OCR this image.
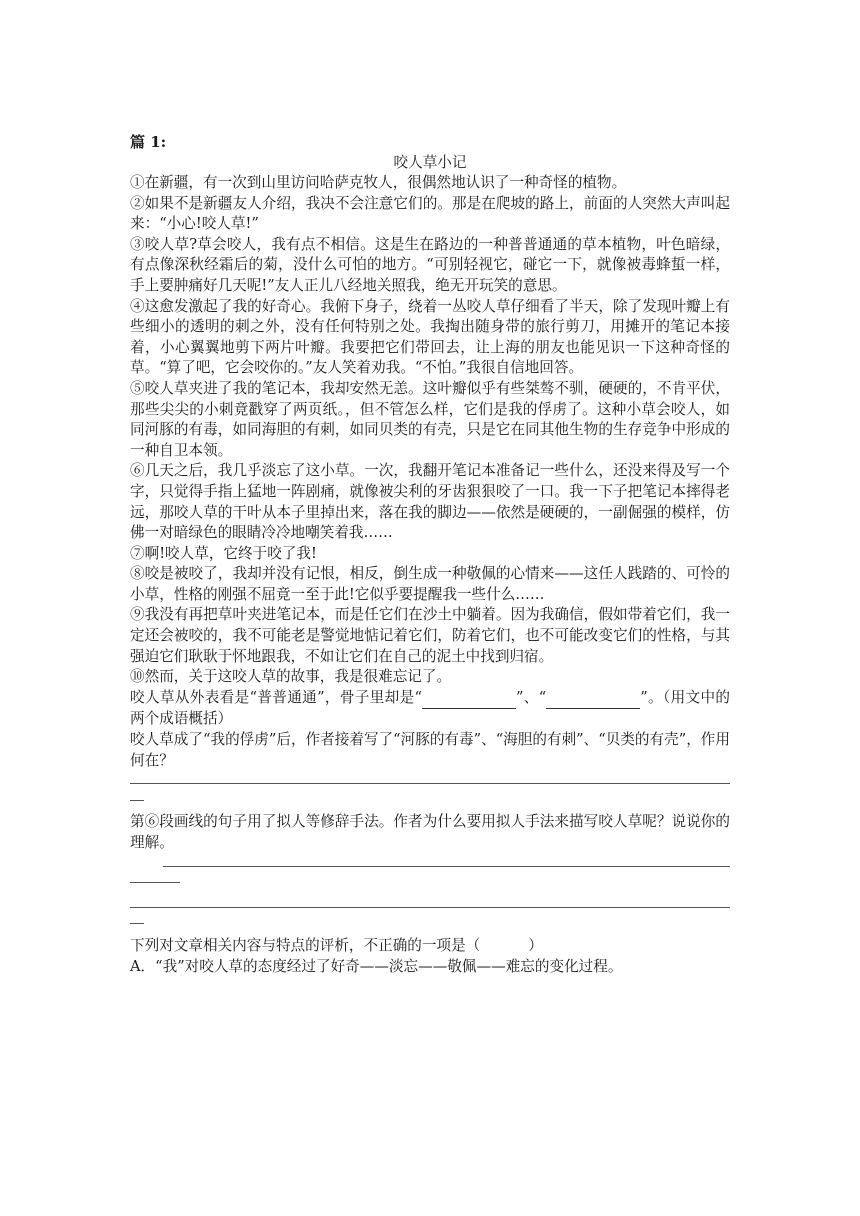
篇 1:
咬人草小记

①在新疆，有一次到山里访问哈萨克牧人，很偶然地认识了一种奇怪的植物。

②如果不是新疆友人介绍，我决不会注意它们的。那是在爬坡的路上，前面的人突然大声叫起来：“小心!咬人草!”

③咬人草?草会咬人，我有点不相信。这是生在路边的一种普普通通的草本植物，叶色暗绿，有点像深秋经霜后的菊，没什么可怕的地方。“可别轻视它，碰它一下，就像被毒蜂蜇一样，手上要肿痛好几天呢!”友人正儿八经地关照我，绝无开玩笑的意思。

④这愈发激起了我的好奇心。我俯下身子，绕着一丛咬人草仔细看了半天，除了发现叶瓣上有些细小的透明的刺之外，没有任何特别之处。我掏出随身带的旅行剪刀，用摊开的笔记本接着，小心翼翼地剪下两片叶瓣。我要把它们带回去，让上海的朋友也能见识一下这种奇怪的草。“算了吧，它会咬你的。”友人笑着劝我。“不怕。”我很自信地回答。

⑤咬人草夹进了我的笔记本，我却安然无恙。这叶瓣似乎有些桀骜不驯，硬硬的，不肯平伏，那些尖尖的小刺竟戳穿了两页纸。，但不管怎么样，它们是我的俘虏了。这种小草会咬人，如同河豚的有毒，如同海胆的有刺，如同贝类的有壳，只是它在同其他生物的生存竞争中形成的一种自卫本领。

⑥几天之后，我几乎淡忘了这小草。一次，我翻开笔记本准备记一些什么，还没来得及写一个字，只觉得手指上猛地一阵剧痛，就像被尖利的牙齿狠狠咬了一口。我一下子把笔记本摔得老远，那咬人草的干叶从本子里掉出来，落在我的脚边——依然是硬硬的，一副倔强的模样，仿佛一对暗绿色的眼睛冷冷地嘲笑着我……

⑦啊!咬人草，它终于咬了我!

⑧咬是被咬了，我却并没有记恨，相反，倒生成一种敬佩的心情来——这任人践踏的、可怜的小草，性格的刚强不屈竟一至于此!它似乎要提醒我一些什么……

⑨我没有再把草叶夹进笔记本，而是任它们在沙土中躺着。因为我确信，假如带着它们，我一定还会被咬的，我不可能老是警觉地惦记着它们，防着它们，也不可能改变它们的性格，与其强迫它们耿耿于怀地跟我，不如让它们在自己的泥土中找到归宿。

⑩然而，关于这咬人草的故事，我是很难忘记了。

咬人草从外表看是“普普通通”，骨子里却是“	”、“	”。（用文中的两个成语概括）

咬人草成了“我的俘虏”后，作者接着写了“河豚的有毒”、“海胆的有刺”、“贝类的有壳”，作用何在？

第⑥段画线的句子用了拟人等修辞手法。作者为什么要用拟人手法来描写咬人草呢？说说你的理解。

下列对文章相关内容与特点的评析，不正确的一项是（	）

A．“我”对咬人草的态度经过了好奇——淡忘——敬佩——难忘的变化过程。
